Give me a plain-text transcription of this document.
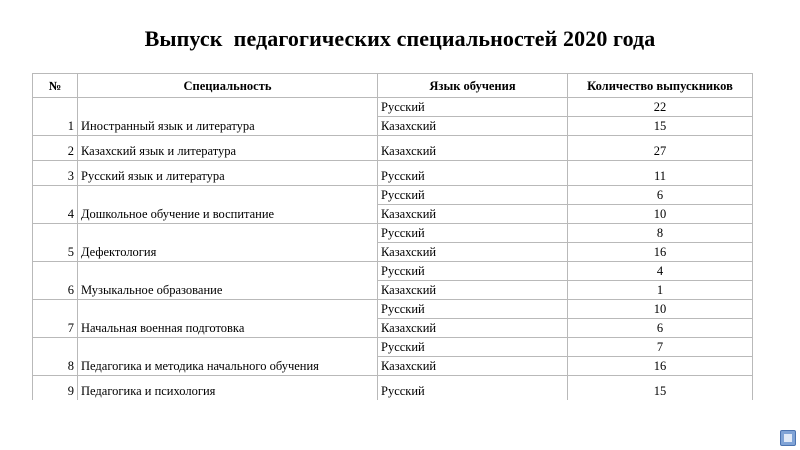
Выпуск  педагогических специальностей 2020 года
№	Специальность	Язык обучения	Количество выпускников
1	Иностранный язык и литература	Русский	22
		Казахский	15
2	Казахский язык и литература	Казахский	27
3	Русский язык и литература	Русский	11
4	Дошкольное обучение и воспитание	Русский	6
		Казахский	10
5	Дефектология	Русский	8
		Казахский	16
6	Музыкальное образование	Русский	4
		Казахский	1
7	Начальная военная подготовка	Русский	10
		Казахский	6
8	Педагогика и методика начального обучения	Русский	7
		Казахский	16
9	Педагогика и психология	Русский	15
